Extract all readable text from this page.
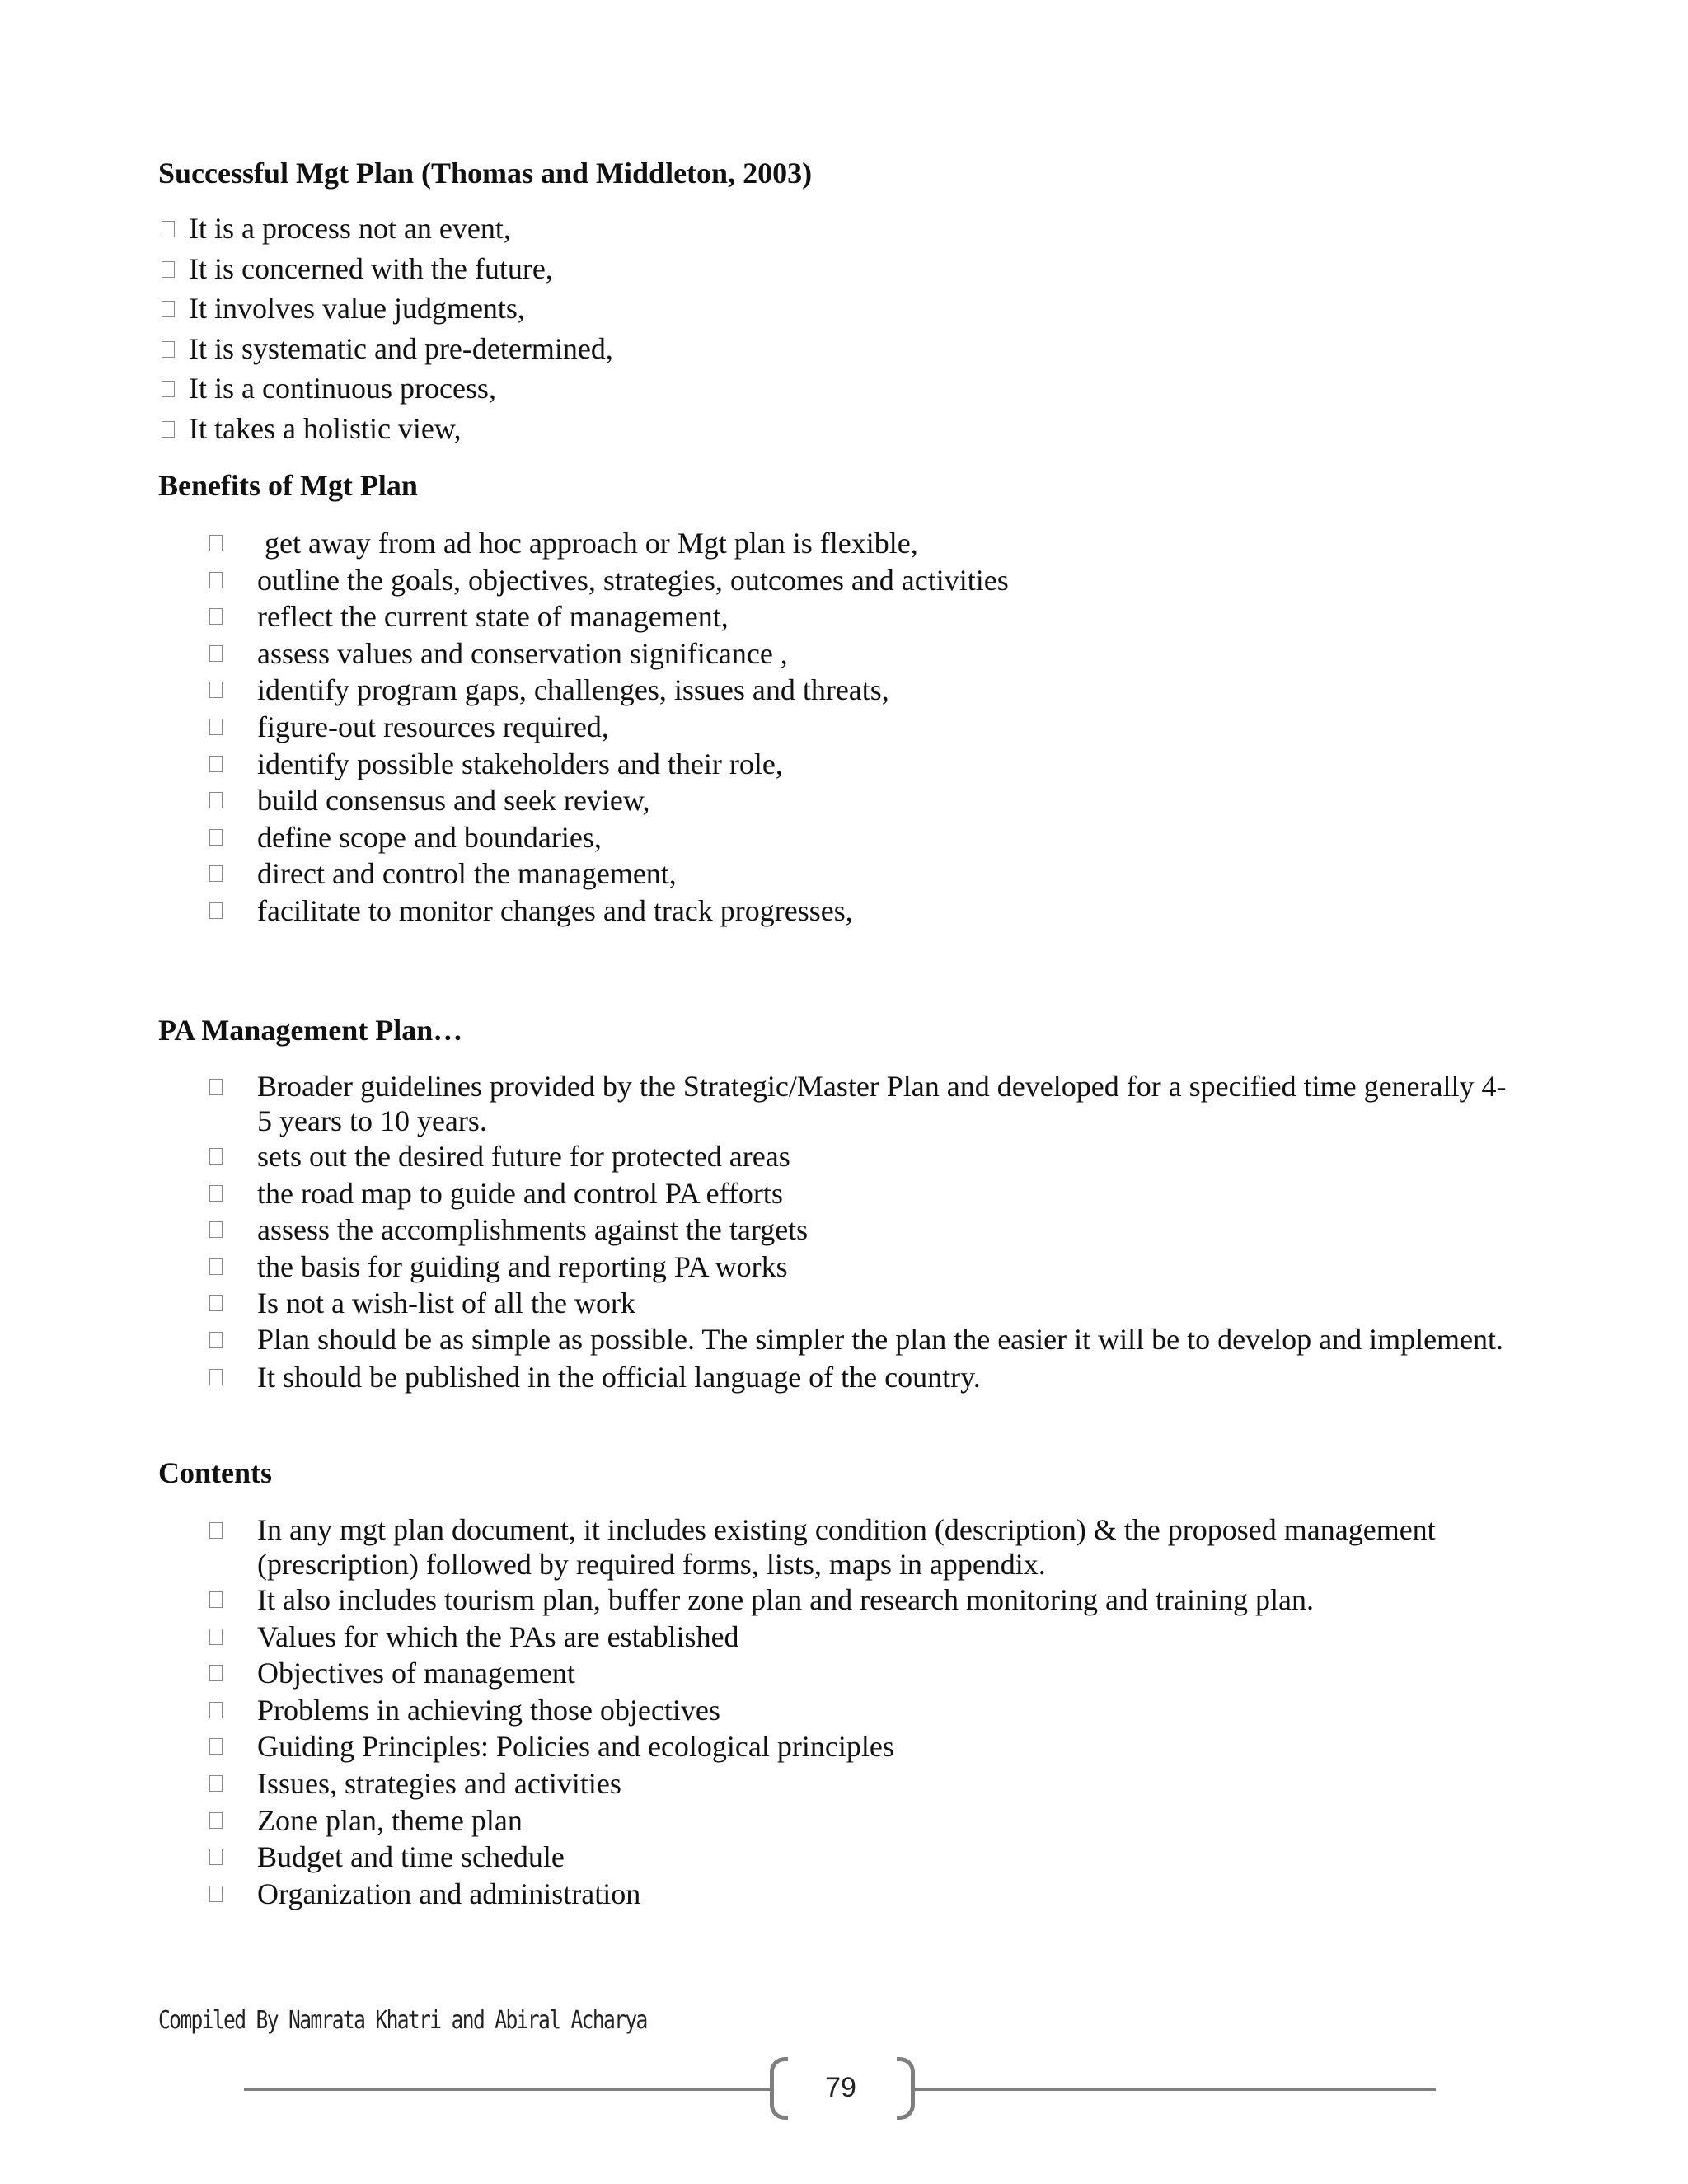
Successful Mgt Plan (Thomas and Middleton, 2003)
It is a process not an event,
It is concerned with the future,
It involves value judgments,
It is systematic and pre-determined,
It is a continuous process,
It takes a holistic view,
Benefits of Mgt Plan
get away from ad hoc approach or Mgt plan is flexible,
outline the goals, objectives, strategies, outcomes and activities
reflect the current state of management,
assess values and conservation significance ,
identify program gaps, challenges, issues and threats,
figure-out resources required,
identify possible stakeholders and their role,
build consensus and seek review,
define scope and boundaries,
direct and control the management,
facilitate to monitor changes and track progresses,
PA Management Plan…
Broader guidelines provided by the Strategic/Master Plan and developed for a specified time generally 4-5 years to 10 years.
sets out the desired future for protected areas
the road map to guide and control PA efforts
assess the accomplishments against the targets
the basis for guiding and reporting PA works
Is not a wish-list of all the work
Plan should be as simple as possible. The simpler the plan the easier it will be to develop and implement.
It should be published in the official language of the country.
Contents
In any mgt plan document, it includes existing condition (description) & the proposed management (prescription) followed by required forms, lists, maps in appendix.
It also includes tourism plan, buffer zone plan and research monitoring and training plan.
Values for which the PAs are established
Objectives of management
Problems in achieving those objectives
Guiding Principles: Policies and ecological principles
Issues, strategies and activities
Zone plan, theme plan
Budget and time schedule
Organization and administration
Compiled By Namrata Khatri and Abiral Acharya
79
